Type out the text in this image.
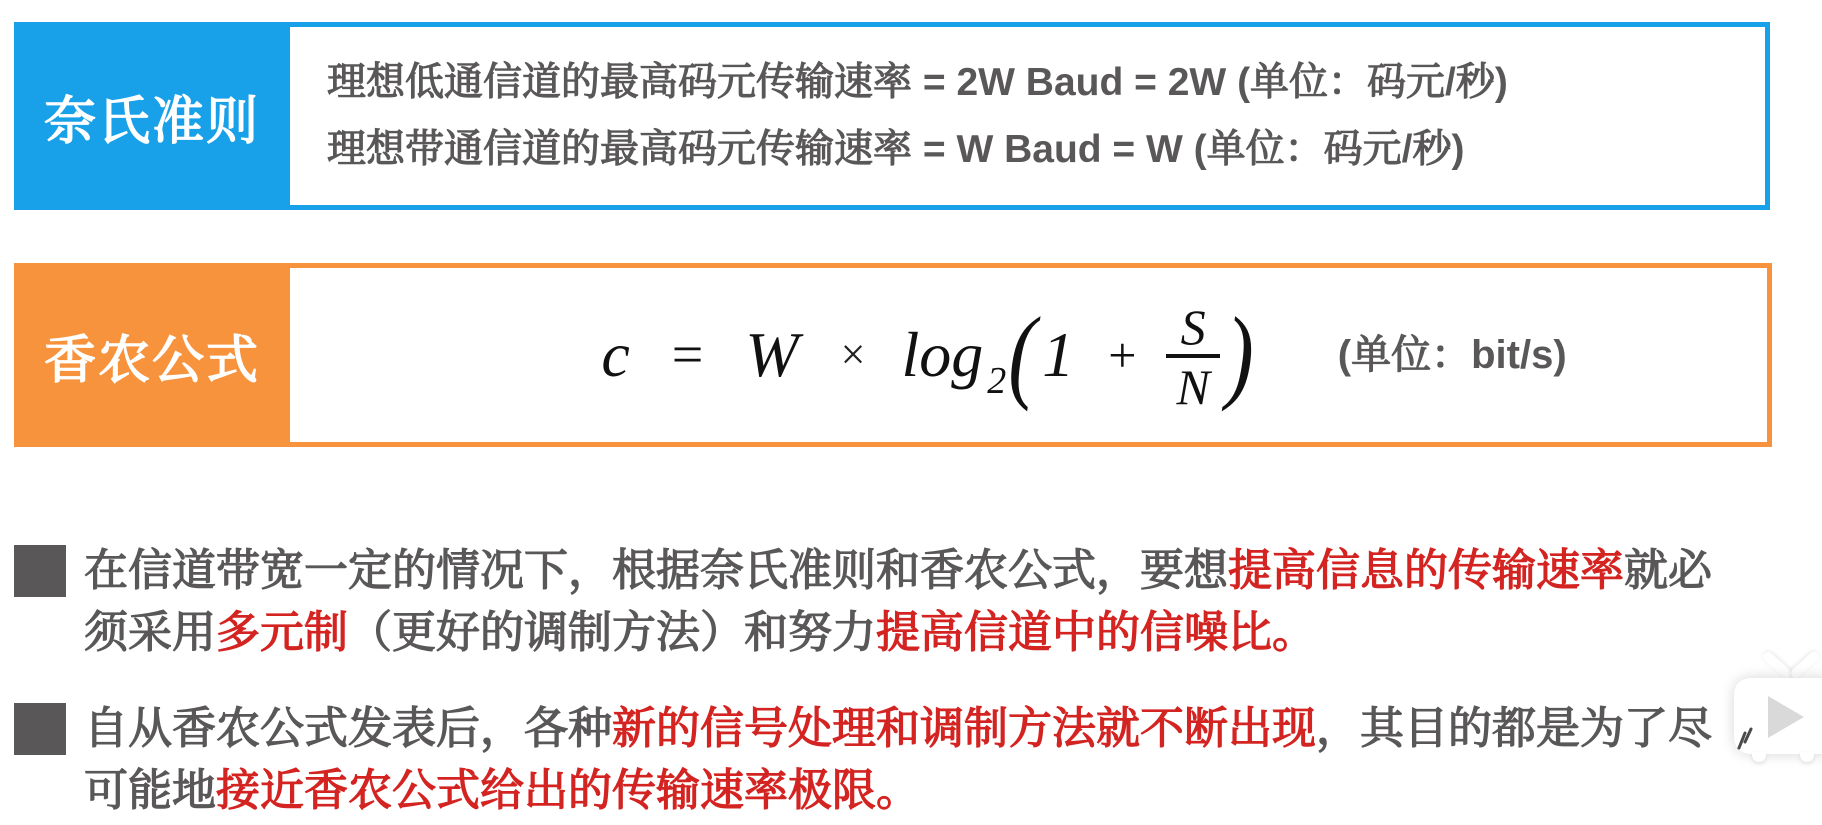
奈氏准则
理想低通信道的最高码元传输速率 = 2W Baud = 2W (单位：码元/秒)
理想带通信道的最高码元传输速率 = W Baud = W (单位：码元/秒)
香农公式	c = W × log 2 ( $1 + \frac{S}{N}$ ) (单位：bit/s)
在信道带宽一定的情况下，根据奈氏准则和香农公式，要想提高信息的传输速率就必
须采用多元制（更好的调制方法）和努力提高信道中的信噪比。
自从香农公式发表后，各种新的信号处理和调制方法就不断出现，其目的都是为了尽
可能地接近香农公式给出的传输速率极限。
